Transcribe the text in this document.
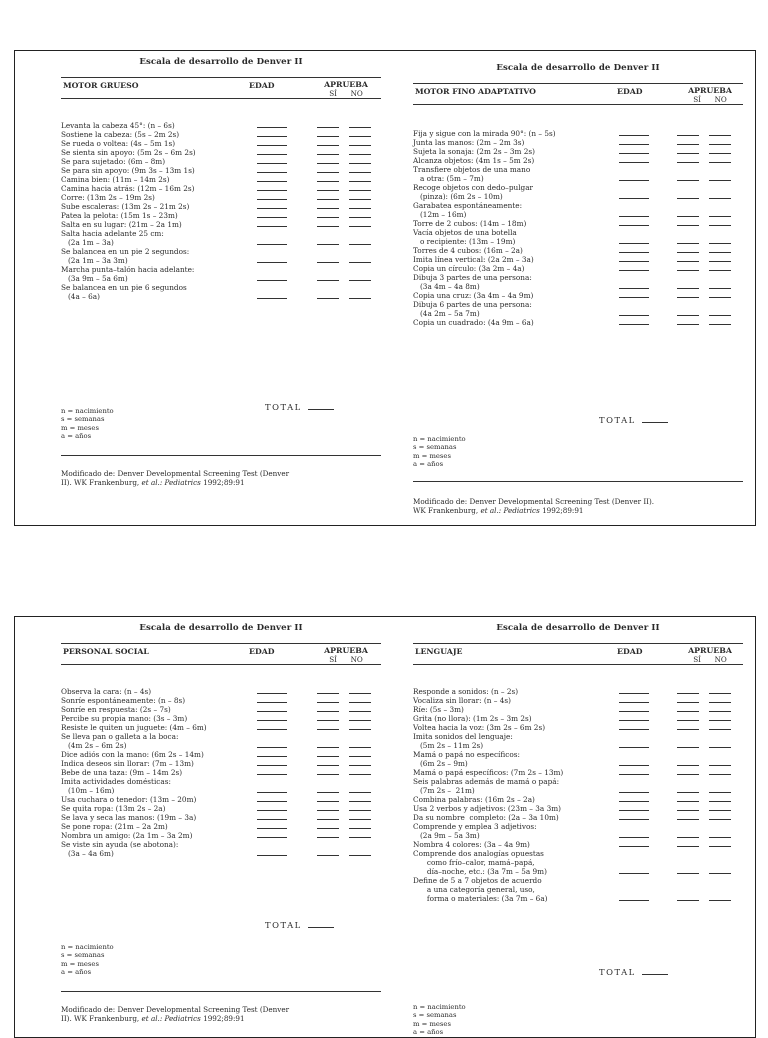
Escala de desarrollo de Denver II
MOTOR GRUESO	EDAD	APRUEBA
SÍ NO
Levanta la cabeza 45°: (n – 6s)
Sostiene la cabeza: (5s – 2m 2s)
Se rueda o voltea: (4s – 5m 1s)
Se sienta sin apoyo: (5m 2s – 6m 2s)
Se para sujetado: (6m – 8m)
Se para sin apoyo: (9m 3s – 13m 1s)
Camina bien: (11m – 14m 2s)
Camina hacia atrás: (12m – 16m 2s)
Corre: (13m 2s – 19m 2s)
Sube escaleras: (13m 2s – 21m 2s)
Patea la pelota: (15m 1s – 23m)
Salta en su lugar: (21m – 2a 1m)
Salta hacia adelante 25 cm:
(2a 1m – 3a)
Se balancea en un pie 2 segundos:
(2a 1m – 3a 3m)
Marcha punta–talón hacia adelante:
(3a 9m – 5a 6m)
Se balancea en un pie 6 segundos
(4a – 6a)
TOTAL
n = nacimiento
s = semanas
m = meses
a = años
Modificado de: Denver Developmental Screening Test (Denver
II). WK Frankenburg, et al.: Pediatrics 1992;89:91
Escala de desarrollo de Denver II
MOTOR FINO ADAPTATIVO	EDAD	APRUEBA
SÍ NO
Fija y sigue con la mirada 90°: (n – 5s)
Junta las manos: (2m – 2m 3s)
Sujeta la sonaja: (2m 2s – 3m 2s)
Alcanza objetos: (4m 1s – 5m 2s)
Transfiere objetos de una mano
a otra: (5m – 7m)
Recoge objetos con dedo–pulgar
(pinza): (6m 2s – 10m)
Garabatea espontáneamente:
(12m – 16m)
Torre de 2 cubos: (14m – 18m)
Vacía objetos de una botella
o recipiente: (13m – 19m)
Torres de 4 cubos: (16m – 2a)
Imita línea vertical: (2a 2m – 3a)
Copia un círculo: (3a 2m – 4a)
Dibuja 3 partes de una persona:
(3a 4m – 4a 8m)
Copia una cruz: (3a 4m – 4a 9m)
Dibuja 6 partes de una persona:
(4a 2m – 5a 7m)
Copia un cuadrado: (4a 9m – 6a)
TOTAL
n = nacimiento
s = semanas
m = meses
a = años
Modificado de: Denver Developmental Screening Test (Denver II).
WK Frankenburg, et al.: Pediatrics 1992;89:91
Escala de desarrollo de Denver II
PERSONAL SOCIAL	EDAD	APRUEBA
SÍ NO
Observa la cara: (n – 4s)
Sonríe espontáneamente: (n – 8s)
Sonríe en respuesta: (2s – 7s)
Percibe su propia mano: (3s – 3m)
Resiste le quiten un juguete: (4m – 6m)
Se lleva pan o galleta a la boca:
(4m 2s – 6m 2s)
Dice adiós con la mano: (6m 2s – 14m)
Indica deseos sin llorar: (7m – 13m)
Bebe de una taza: (9m – 14m 2s)
Imita actividades domésticas:
(10m – 16m)
Usa cuchara o tenedor: (13m – 20m)
Se quita ropa: (13m 2s – 2a)
Se lava y seca las manos: (19m – 3a)
Se pone ropa: (21m – 2a 2m)
Nombra un amigo: (2a 1m – 3a 2m)
Se viste sin ayuda (se abotona):
(3a – 4a 6m)
TOTAL
n = nacimiento
s = semanas
m = meses
a = años
Modificado de: Denver Developmental Screening Test (Denver
II). WK Frankenburg, et al.: Pediatrics 1992;89:91
Escala de desarrollo de Denver II
LENGUAJE	EDAD	APRUEBA
SÍ NO
Responde a sonidos: (n – 2s)
Vocaliza sin llorar: (n – 4s)
Ríe: (5s – 3m)
Grita (no llora): (1m 2s – 3m 2s)
Voltea hacia la voz: (3m 2s – 6m 2s)
Imita sonidos del lenguaje:
(5m 2s – 11m 2s)
Mamá o papá no específicos:
(6m 2s – 9m)
Mamá o papá específicos: (7m 2s – 13m)
Seis palabras además de mamá o papá:
(7m 2s –  21m)
Combina palabras: (16m 2s – 2a)
Usa 2 verbos y adjetivos: (23m – 3a 3m)
Da su nombre  completo: (2a – 3a 10m)
Comprende y emplea 3 adjetivos:
(2a 9m – 5a 3m)
Nombra 4 colores: (3a – 4a 9m)
Comprende dos analogías opuestas
como frío–calor, mamá–papá,
día–noche, etc.: (3a 7m – 5a 9m)
Define de 5 a 7 objetos de acuerdo
a una categoría general, uso,
forma o materiales: (3a 7m – 6a)
TOTAL
n = nacimiento
s = semanas
m = meses
a = años
